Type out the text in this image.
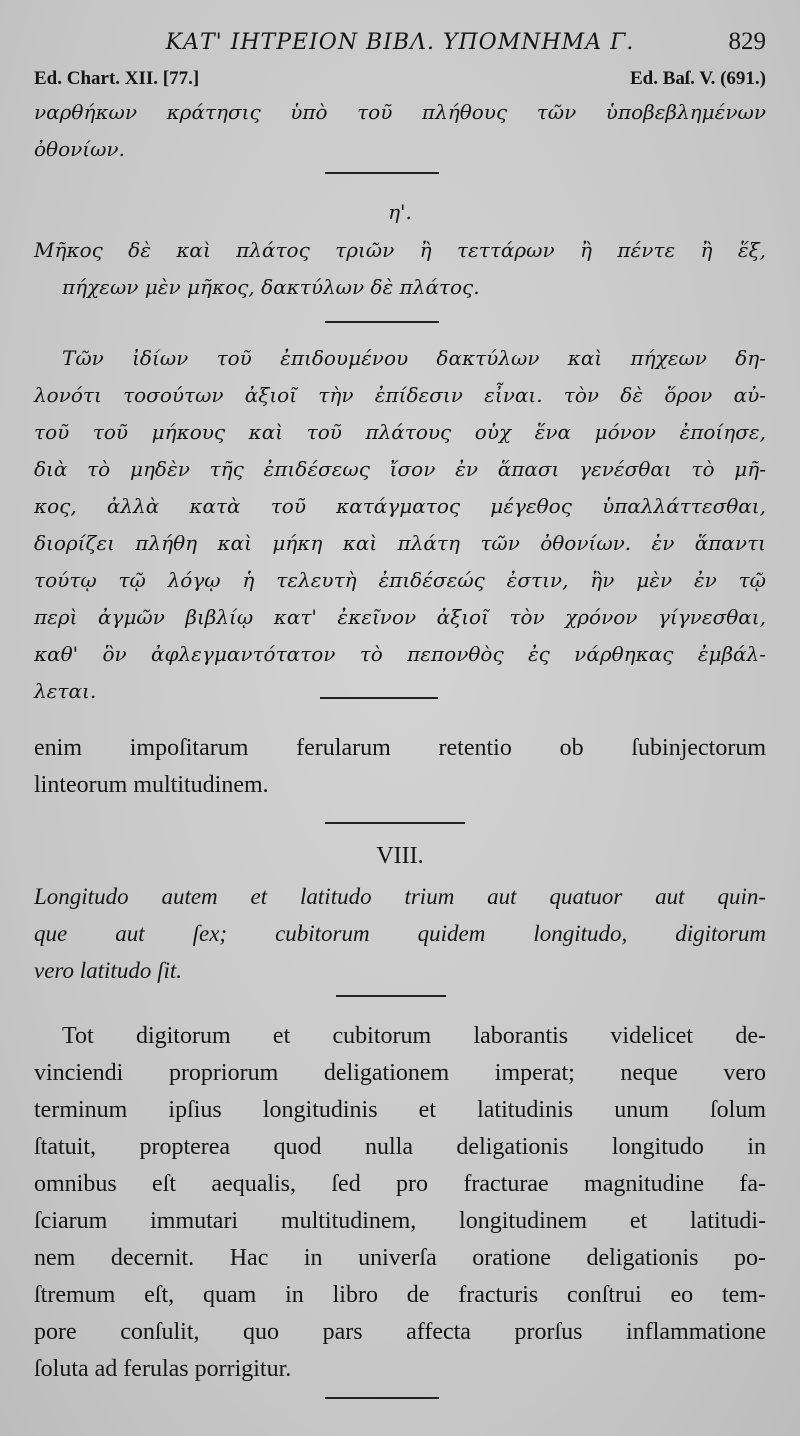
ΚΑΤ' ΙΗΤΡΕΙΟΝ ΒΙΒΛ. ΥΠΟΜΝΗΜΑ Γ.	829
Ed. Chart. XII. [77.]	Ed. Baſ. V. (691.)
ναρθήκων κράτησις ὑπὸ τοῦ πλήθους τῶν ὑποβεβλημένων
ὀθονίων.
η'.
Μῆκος δὲ καὶ πλάτος τριῶν ἢ τεττάρων ἢ πέντε ἢ ἕξ,
πήχεων μὲν μῆκος, δακτύλων δὲ πλάτος.
Τῶν ἰδίων τοῦ ἐπιδουμένου δακτύλων καὶ πήχεων δη-
λονότι τοσούτων ἀξιοῖ τὴν ἐπίδεσιν εἶναι. τὸν δὲ ὅρον αὐ-
τοῦ τοῦ μήκους καὶ τοῦ πλάτους οὐχ ἕνα μόνον ἐποίησε,
διὰ τὸ μηδὲν τῆς ἐπιδέσεως ἴσον ἐν ἅπασι γενέσθαι τὸ μῆ-
κος, ἀλλὰ κατὰ τοῦ κατάγματος μέγεθος ὑπαλλάττεσθαι,
διορίζει πλήθη καὶ μήκη καὶ πλάτη τῶν ὀθονίων. ἐν ἅπαντι
τούτῳ τῷ λόγῳ ἡ τελευτὴ ἐπιδέσεώς ἐστιν, ἣν μὲν ἐν τῷ
περὶ ἀγμῶν βιβλίῳ κατ' ἐκεῖνον ἀξιοῖ τὸν χρόνον γίγνεσθαι,
καθ' ὃν ἀφλεγμαντότατον τὸ πεπονθὸς ἐς νάρθηκας ἐμβάλ-
λεται.
enim impoſitarum ferularum retentio ob ſubinjectorum
linteorum multitudinem.
VIII.
Longitudo autem et latitudo trium aut quatuor aut quin-
que aut ſex; cubitorum quidem longitudo, digitorum
vero latitudo ſit.
Tot digitorum et cubitorum laborantis videlicet de-
vinciendi propriorum deligationem imperat; neque vero
terminum ipſius longitudinis et latitudinis unum ſolum
ſtatuit, propterea quod nulla deligationis longitudo in
omnibus eſt aequalis, ſed pro fracturae magnitudine fa-
ſciarum immutari multitudinem, longitudinem et latitudi-
nem decernit. Hac in univerſa oratione deligationis po-
ſtremum eſt, quam in libro de fracturis conſtrui eo tem-
pore conſulit, quo pars affecta prorſus inflammatione
ſoluta ad ferulas porrigitur.
